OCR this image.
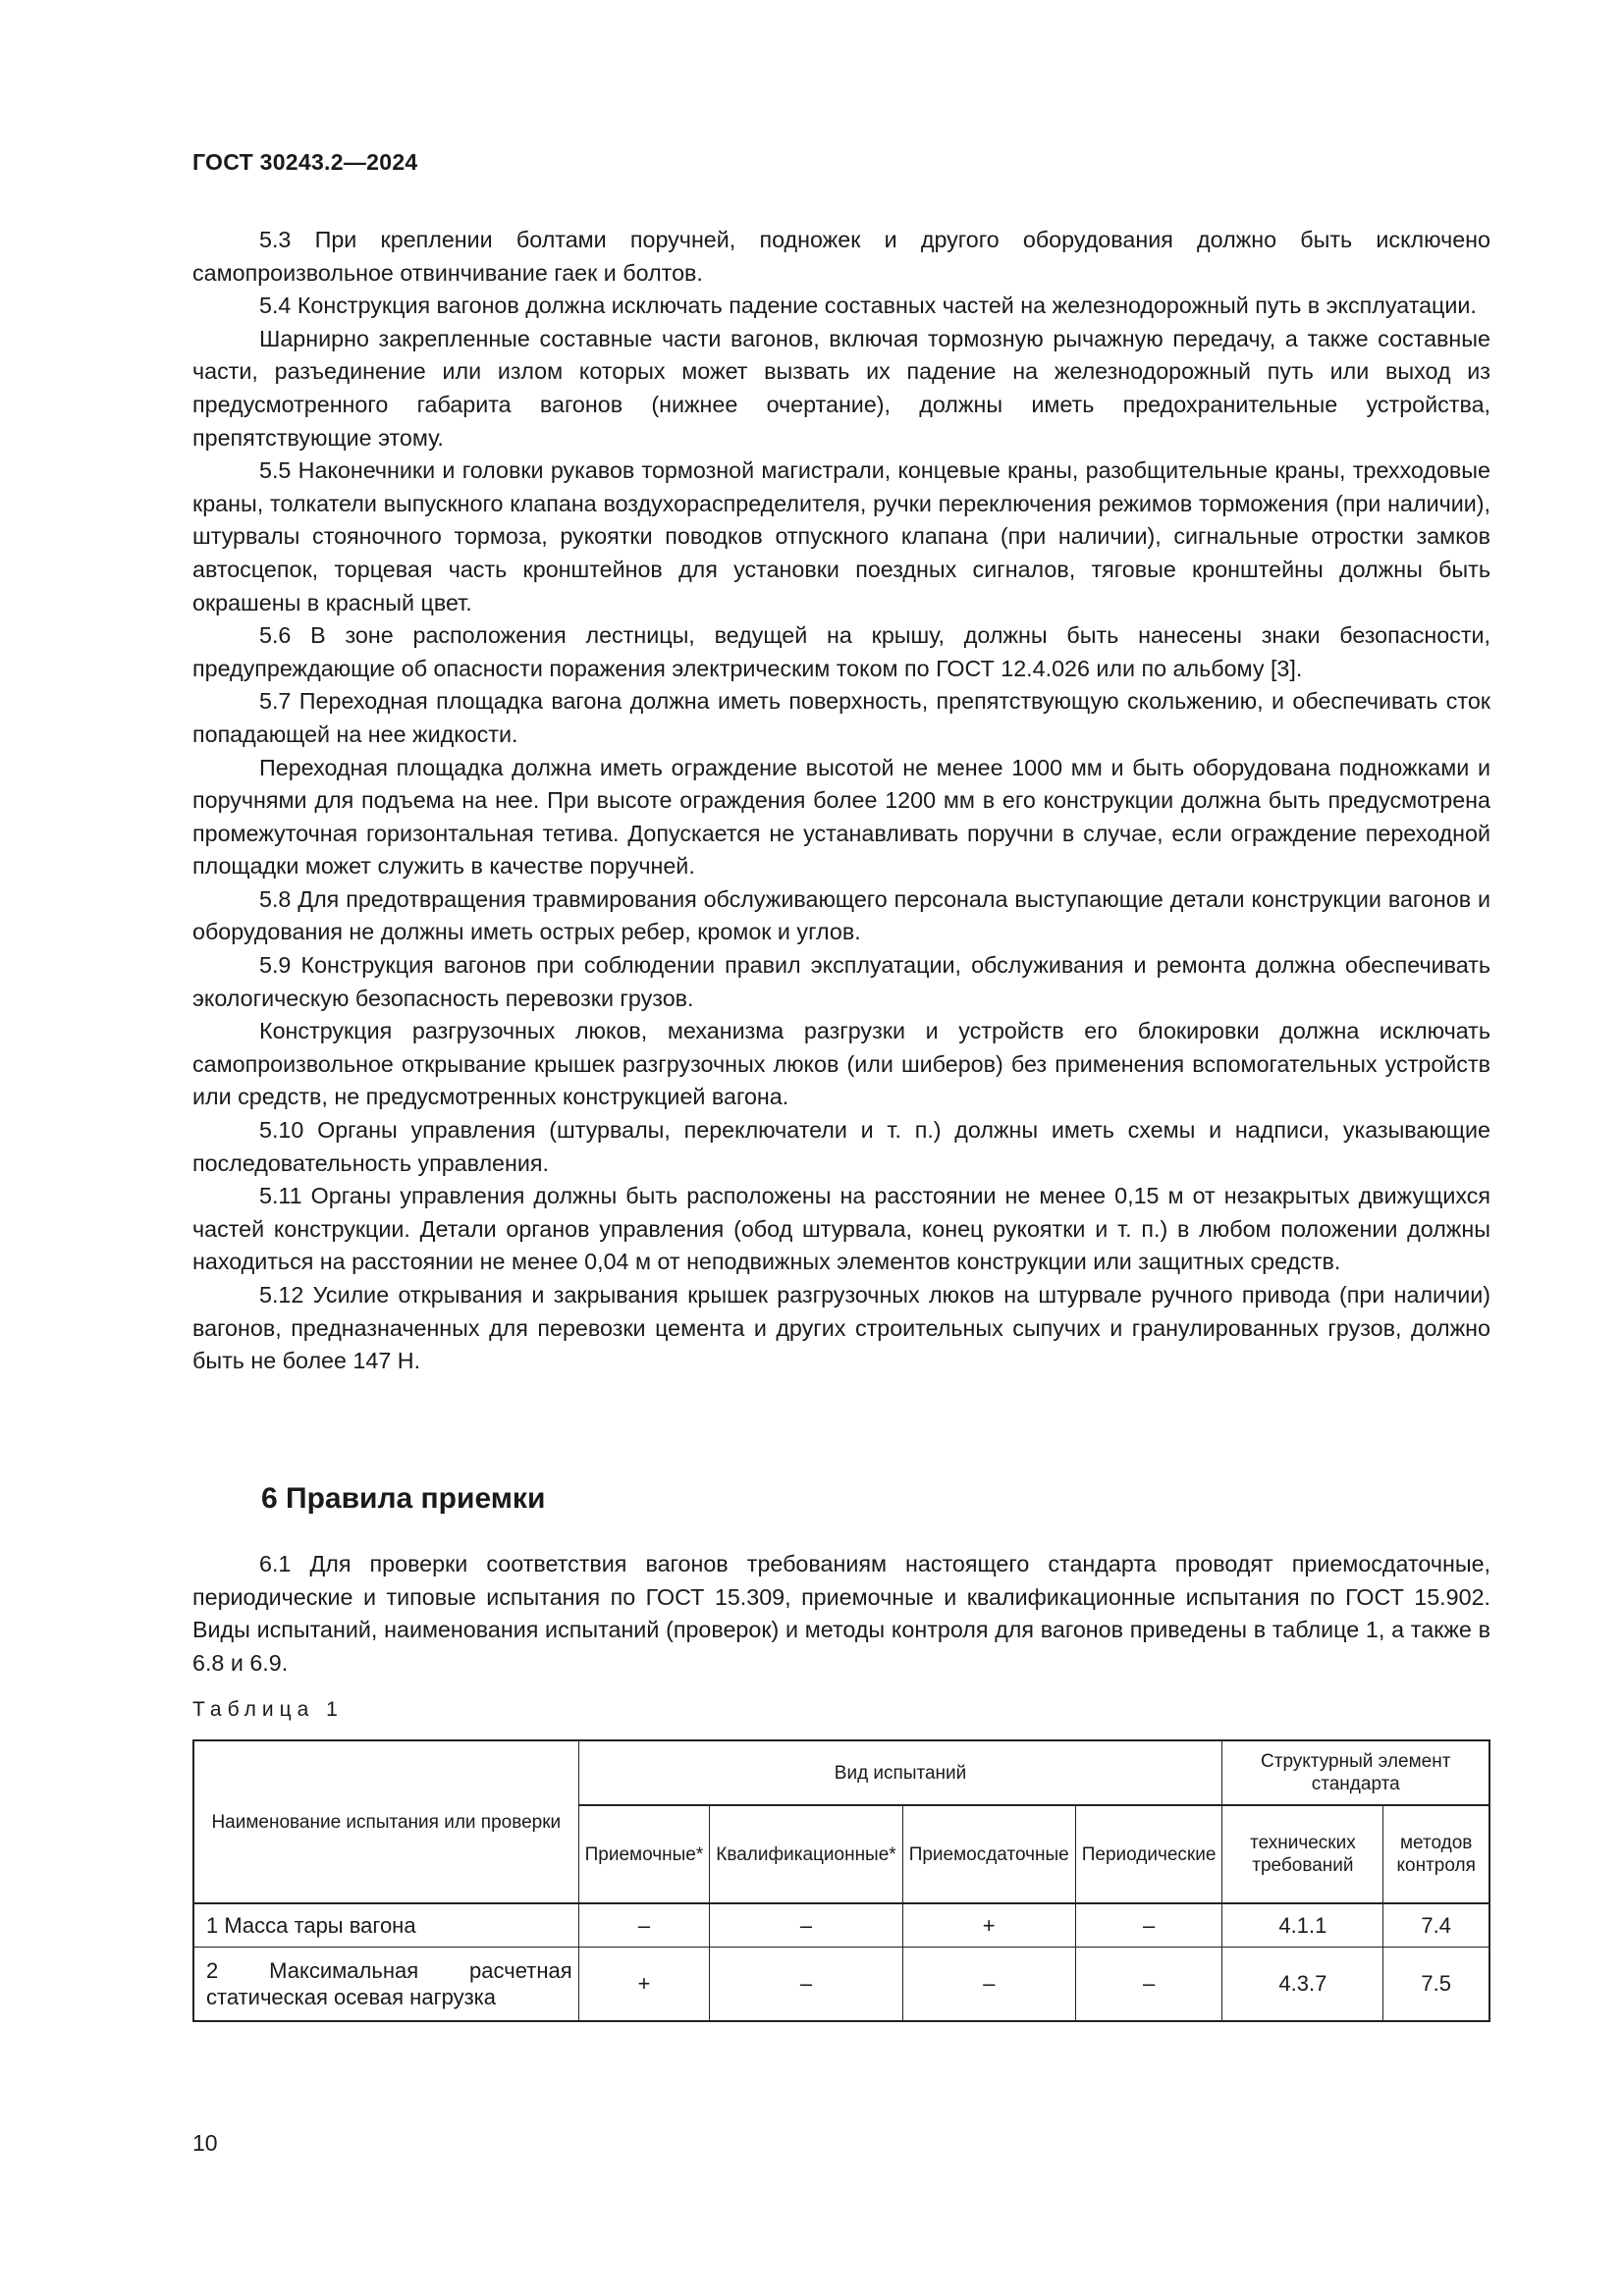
ГОСТ 30243.2—2024

5.3 При креплении болтами поручней, подножек и другого оборудования должно быть исключено самопроизвольное отвинчивание гаек и болтов.

5.4 Конструкция вагонов должна исключать падение составных частей на железнодорожный путь в эксплуатации.

Шарнирно закрепленные составные части вагонов, включая тормозную рычажную передачу, а также составные части, разъединение или излом которых может вызвать их падение на железнодорожный путь или выход из предусмотренного габарита вагонов (нижнее очертание), должны иметь предохранительные устройства, препятствующие этому.

5.5 Наконечники и головки рукавов тормозной магистрали, концевые краны, разобщительные краны, трехходовые краны, толкатели выпускного клапана воздухораспределителя, ручки переключения режимов торможения (при наличии), штурвалы стояночного тормоза, рукоятки поводков отпускного клапана (при наличии), сигнальные отростки замков автосцепок, торцевая часть кронштейнов для установки поездных сигналов, тяговые кронштейны должны быть окрашены в красный цвет.

5.6 В зоне расположения лестницы, ведущей на крышу, должны быть нанесены знаки безопасности, предупреждающие об опасности поражения электрическим током по ГОСТ 12.4.026 или по альбому [3].

5.7 Переходная площадка вагона должна иметь поверхность, препятствующую скольжению, и обеспечивать сток попадающей на нее жидкости.

Переходная площадка должна иметь ограждение высотой не менее 1000 мм и быть оборудована подножками и поручнями для подъема на нее. При высоте ограждения более 1200 мм в его конструкции должна быть предусмотрена промежуточная горизонтальная тетива. Допускается не устанавливать поручни в случае, если ограждение переходной площадки может служить в качестве поручней.

5.8 Для предотвращения травмирования обслуживающего персонала выступающие детали конструкции вагонов и оборудования не должны иметь острых ребер, кромок и углов.

5.9 Конструкция вагонов при соблюдении правил эксплуатации, обслуживания и ремонта должна обеспечивать экологическую безопасность перевозки грузов.

Конструкция разгрузочных люков, механизма разгрузки и устройств его блокировки должна исключать самопроизвольное открывание крышек разгрузочных люков (или шиберов) без применения вспомогательных устройств или средств, не предусмотренных конструкцией вагона.

5.10 Органы управления (штурвалы, переключатели и т. п.) должны иметь схемы и надписи, указывающие последовательность управления.

5.11 Органы управления должны быть расположены на расстоянии не менее 0,15 м от незакрытых движущихся частей конструкции. Детали органов управления (обод штурвала, конец рукоятки и т. п.) в любом положении должны находиться на расстоянии не менее 0,04 м от неподвижных элементов конструкции или защитных средств.

5.12 Усилие открывания и закрывания крышек разгрузочных люков на штурвале ручного привода (при наличии) вагонов, предназначенных для перевозки цемента и других строительных сыпучих и гранулированных грузов, должно быть не более 147 Н.

6 Правила приемки

6.1 Для проверки соответствия вагонов требованиям настоящего стандарта проводят приемосдаточные, периодические и типовые испытания по ГОСТ 15.309, приемочные и квалификационные испытания по ГОСТ 15.902. Виды испытаний, наименования испытаний (проверок) и методы контроля для вагонов приведены в таблице 1, а также в 6.8 и 6.9.

Таблица 1
Наименование испытания или проверки	Вид испытаний				Структурный элемент стандарта	
	Приемочные*	Квалификационные*	Приемосдаточные	Периодические	технических требований	методов контроля
1 Масса тары вагона	–	–	+	–	4.1.1	7.4
2 Максимальная расчетная статическая осевая нагрузка	+	–	–	–	4.3.7	7.5
10
